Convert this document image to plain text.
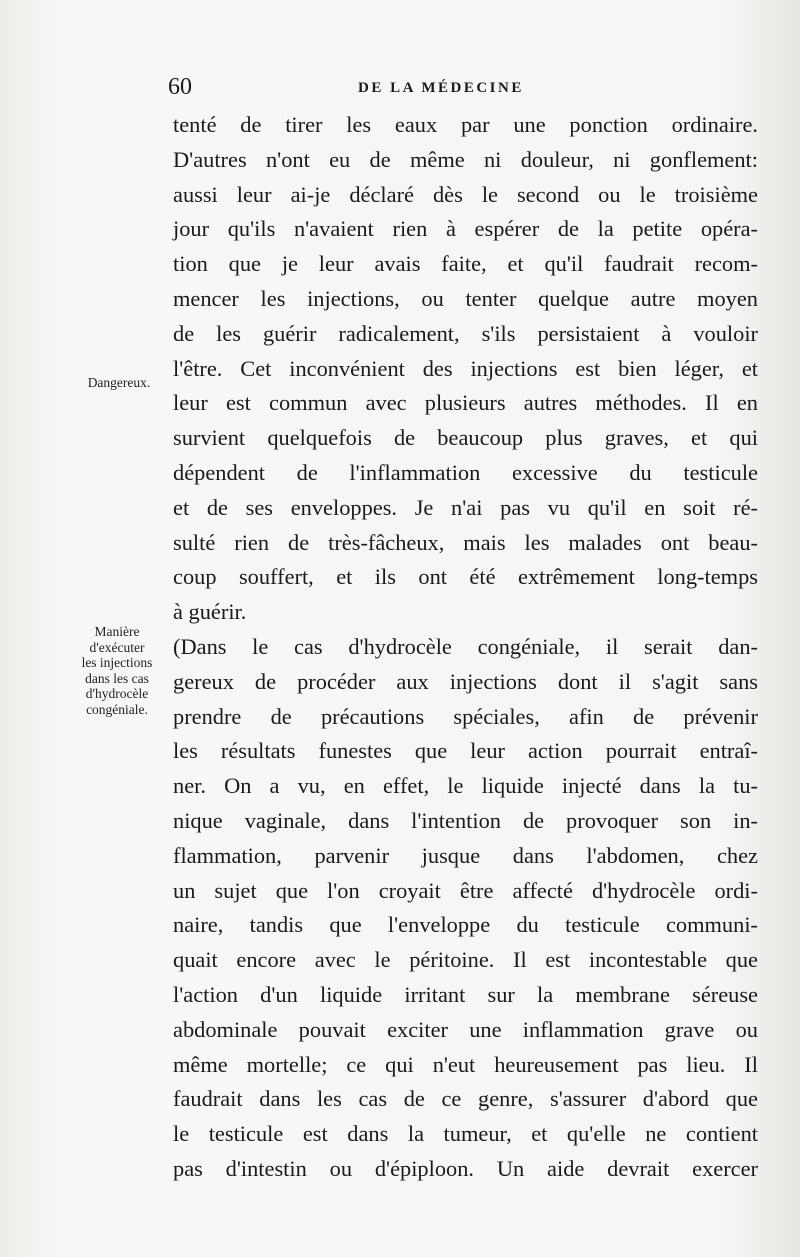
60	DE LA MÉDECINE
Dangereux.
Manière
d'exécuter
les injections
dans les cas
d'hydrocèle
congéniale.
tenté de tirer les eaux par une ponction ordinaire.
D'autres n'ont eu de même ni douleur, ni gonflement:
aussi leur ai-je déclaré dès le second ou le troisième
jour qu'ils n'avaient rien à espérer de la petite opéra-
tion que je leur avais faite, et qu'il faudrait recom-
mencer les injections, ou tenter quelque autre moyen
de les guérir radicalement, s'ils persistaient à vouloir
l'être. Cet inconvénient des injections est bien léger, et
leur est commun avec plusieurs autres méthodes. Il en
survient quelquefois de beaucoup plus graves, et qui
dépendent de l'inflammation excessive du testicule
et de ses enveloppes. Je n'ai pas vu qu'il en soit ré-
sulté rien de très-fâcheux, mais les malades ont beau-
coup souffert, et ils ont été extrêmement long-temps
à guérir.
(Dans le cas d'hydrocèle congéniale, il serait dan-
gereux de procéder aux injections dont il s'agit sans
prendre de précautions spéciales, afin de prévenir
les résultats funestes que leur action pourrait entraî-
ner. On a vu, en effet, le liquide injecté dans la tu-
nique vaginale, dans l'intention de provoquer son in-
flammation, parvenir jusque dans l'abdomen, chez
un sujet que l'on croyait être affecté d'hydrocèle ordi-
naire, tandis que l'enveloppe du testicule communi-
quait encore avec le péritoine. Il est incontestable que
l'action d'un liquide irritant sur la membrane séreuse
abdominale pouvait exciter une inflammation grave ou
même mortelle; ce qui n'eut heureusement pas lieu. Il
faudrait dans les cas de ce genre, s'assurer d'abord que
le testicule est dans la tumeur, et qu'elle ne contient
pas d'intestin ou d'épiploon. Un aide devrait exercer
